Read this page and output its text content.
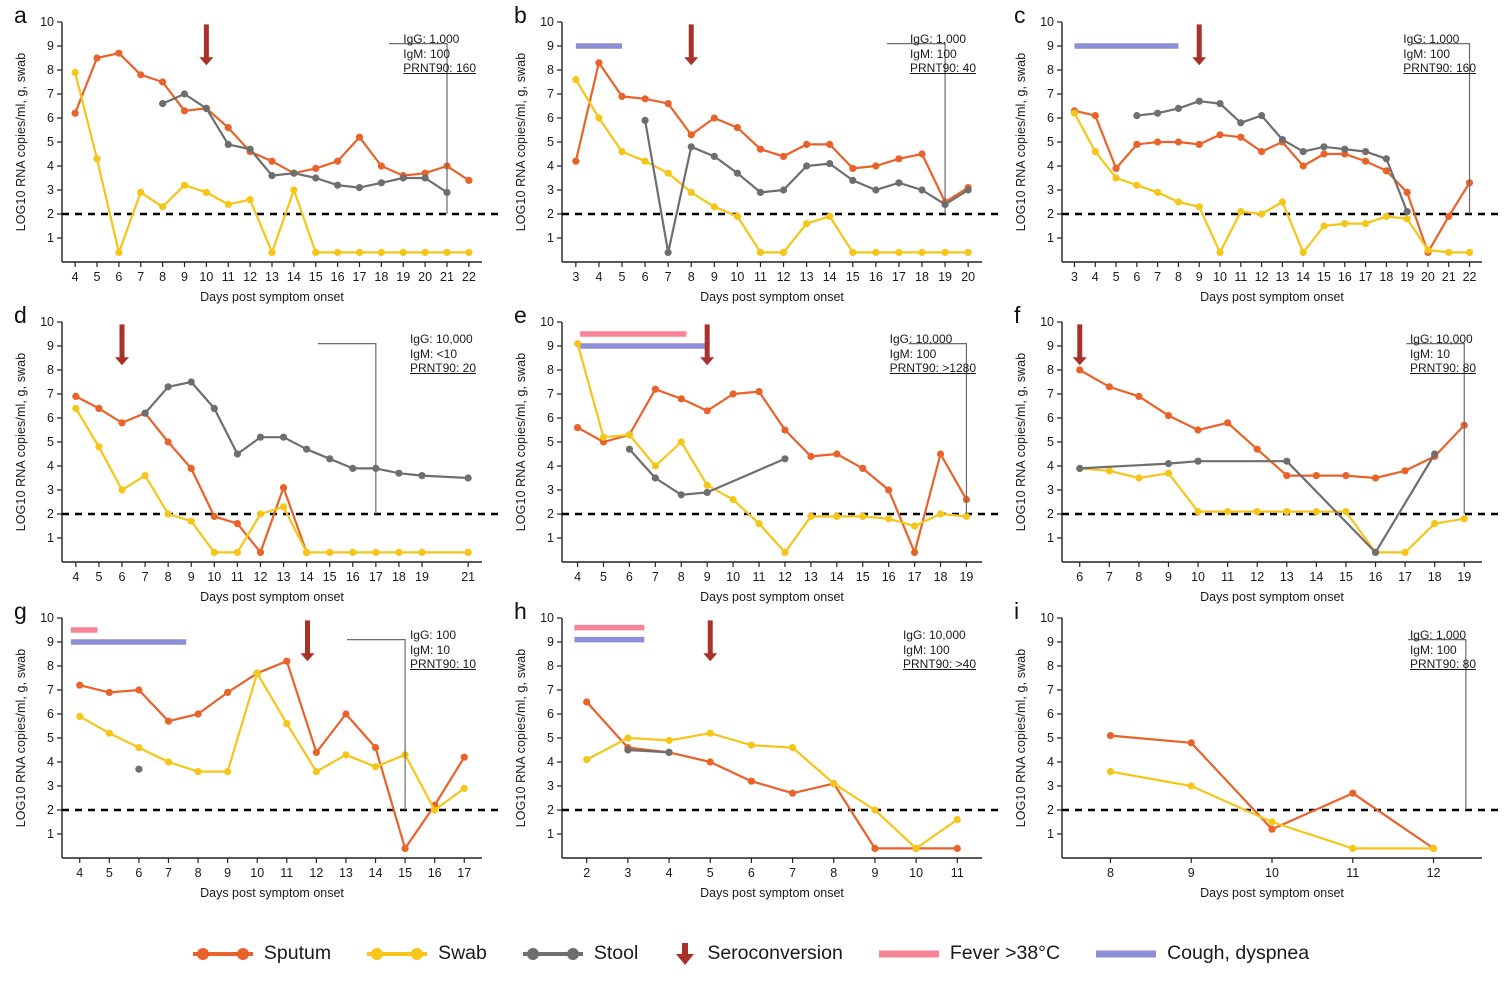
a
LOG10 RNA copies/ml, g, swab
Days post symptom onset
1
2
3
4
5
6
7
8
9
10
4 5 6 7 8 9 10 11 12 13 14 15 16 17 18 19 20 21 22
IgG: 1,000
IgM: 100
PRNT90: 160
b
LOG10 RNA copies/ml, g, swab
Days post symptom onset
1
2
3
4
5
6
7
8
9
10
3 4 5 6 7 8 9 10 11 12 13 14 15 16 17 18 19 20
IgG: 1,000
IgM: 100
PRNT90: 40
c
LOG10 RNA copies/ml, g, swab
Days post symptom onset
1
2
3
4
5
6
7
8
9
10
3 4 5 6 7 8 9 10 11 12 13 14 15 16 17 18 19 20 21 22
IgG: 1,000
IgM: 100
PRNT90: 160
d
LOG10 RNA copies/ml, g, swab
Days post symptom onset
1
2
3
4
5
6
7
8
9
10
4 5 6 7 8 9 10 11 12 13 14 15 16 17 18 19	21
IgG: 10,000
IgM: <10
PRNT90: 20
e
LOG10 RNA copies/ml, g, swab
Days post symptom onset
1
2
3
4
5
6
7
8
9
10
4 5 6 7 8 9 10 11 12 13 14 15 16 17 18 19
IgG: 10,000
IgM: 100
PRNT90: >1280
f
LOG10 RNA copies/ml, g, swab
Days post symptom onset
1
2
3
4
5
6
7
8
9
10
6 7 8 9 10 11 12 13 14 15 16 17 18 19
IgG: 10,000
IgM: 10
PRNT90: 80
g
LOG10 RNA copies/ml, g, swab
Days post symptom onset
1
2
3
4
5
6
7
8
9
10
4 5 6 7 8 9 10 11 12 13 14 15 16 17
IgG: 100
IgM: 10
PRNT90: 10
h
LOG10 RNA copies/ml, g, swab
Days post symptom onset
1
2
3
4
5
6
7
8
9
10
2	3	4	5	6	7	8	9 10 11
IgG: 10,000
IgM: 100
PRNT90: >40
i
LOG10 RNA copies/ml, g, swab
Days post symptom onset
1
2
3
4
5
6
7
8
9
10
8	9	10	11	12
IgG: 1,000
IgM: 100
PRNT90: 80
Sputum	Swab	Stool	Seroconversion	Fever >38°C	Cough, dyspnea
